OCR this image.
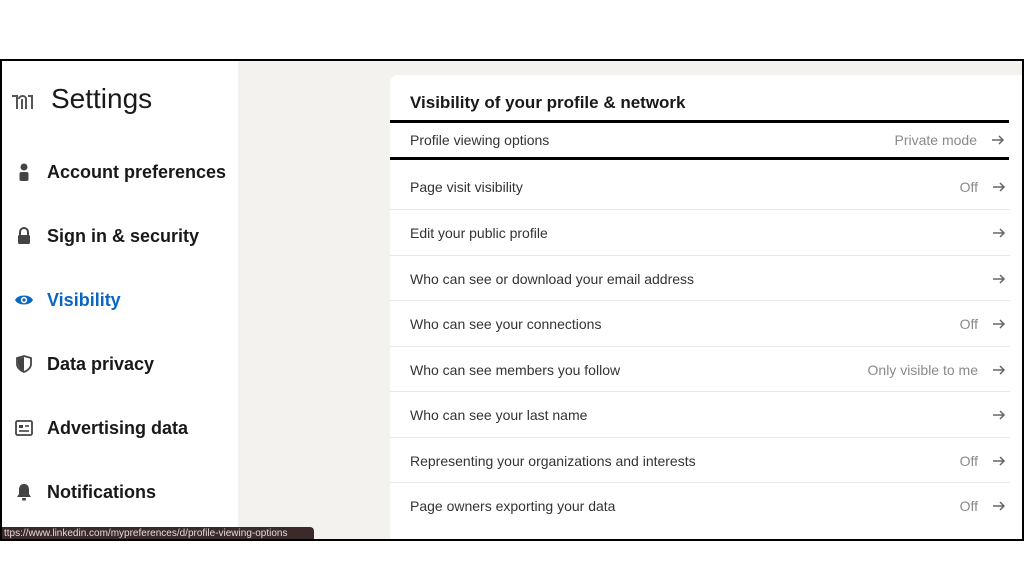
Settings
Account preferences
Sign in & security
Visibility
Data privacy
Advertising data
Notifications
ttps://www.linkedin.com/mypreferences/d/profile-viewing-options
Visibility of your profile & network
Profile viewing options	Private mode
Page visit visibility	Off
Edit your public profile
Who can see or download your email address
Who can see your connections	Off
Who can see members you follow	Only visible to me
Who can see your last name
Representing your organizations and interests	Off
Page owners exporting your data	Off
